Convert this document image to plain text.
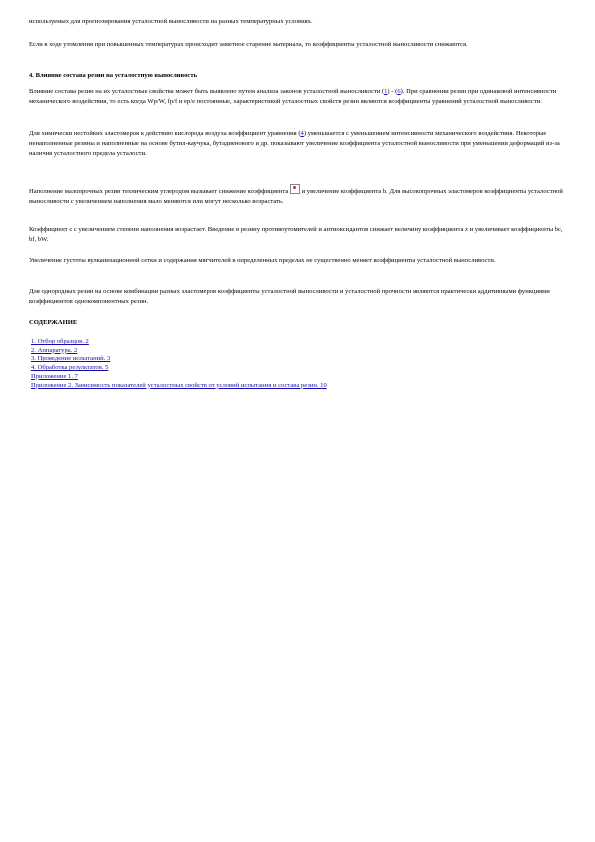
используемых для прогнозирования усталостной выносливости на разных температурных условиях.

Если в ходе утомления при повышенных температурах происходит заметное старение материала, то коэффициенты усталостной выносливости снижаются.

4. Влияние состава резин на усталостную выносливость

Влияние состава резин на их усталостные свойства может быть выявлено путем анализа законов усталостной выносливости (1) - (6). При сравнении резин при одинаковой интенсивности механического воздействия, то есть когда Wp/W, fp/f и ep/e постоянные, характеристикой усталостных свойств резин являются коэффициенты уравнений усталостной выносливости.

Для химически нестойких эластомеров к действию кислорода воздуха коэффициент уравнения (4) уменьшается с уменьшением интенсивности механического воздействия. Некоторые ненаполненные резины и наполненные на основе бутил-каучука, бутадиенового и др. показывают увеличение коэффициента усталостной выносливости при уменьшении деформаций из-за наличия усталостного предела усталости.

Наполнение малопрочных резин техническим углеродом вызывает снижение коэффициента и увеличение коэффициента b. Для высокопрочных эластомеров коэффициенты усталостной выносливости с увеличением наполнения мало меняются или могут несколько возрастать.

Коэффициент с с увеличением степени наполнения возрастает. Введение в резину противоутомителей и антиоксидантов снижает величину коэффициента z и увеличивает коэффициенты bc, bf, bW.

Увеличение густоты вулканизационной сетки и содержания мягчителей в определенных пределах не существенно меняет коэффициенты усталостной выносливости.

Для однородных резин на основе комбинации разных эластомеров коэффициенты усталостной выносливости и усталостной прочности являются практически аддитивными функциями коэффициентов однокомпонентных резин.

СОДЕРЖАНИЕ

1. Отбор образцов. 2
2. Аппаратура. 2
3. Проведение испытаний. 3
4. Обработка результатов. 5
Приложение 1. 7
Приложение 2. Зависимость показателей усталостных свойств от условий испытания и состава резин. 10
